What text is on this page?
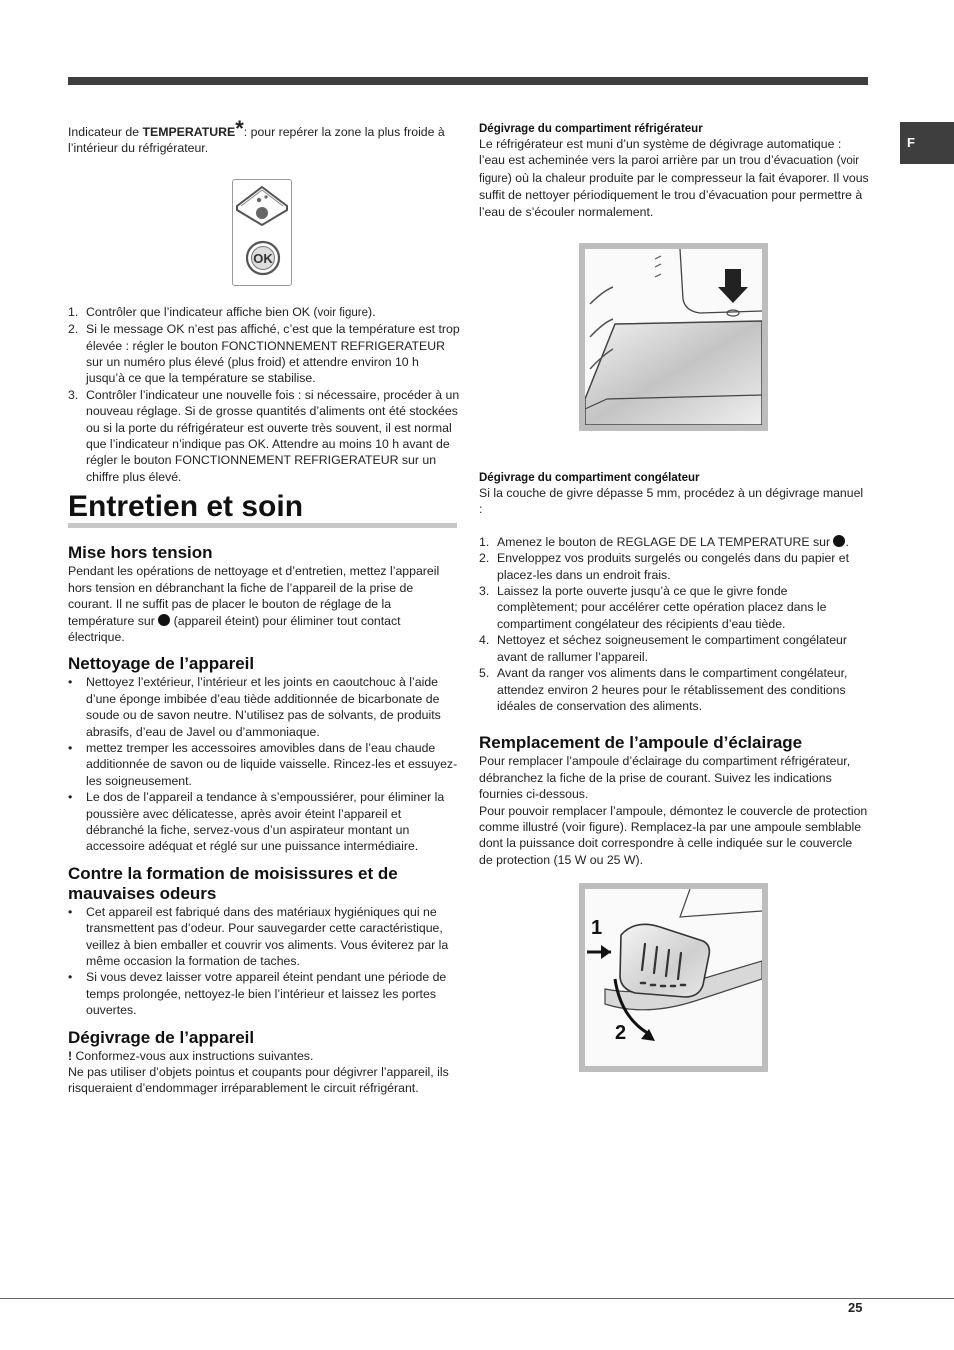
F

Indicateur de TEMPERATURE*: pour repérer la zone la plus froide à l’intérieur du réfrigérateur.

OK
1. Contrôler que l’indicateur affiche bien OK (voir figure).
2. Si le message OK n’est pas affiché, c’est que la température est trop élevée : régler le bouton FONCTIONNEMENT REFRIGERATEUR sur un numéro plus élevé (plus froid) et attendre environ 10 h jusqu’à ce que la température se stabilise.
3. Contrôler l’indicateur une nouvelle fois : si nécessaire, procéder à un nouveau réglage. Si de grosse quantités d’aliments ont été stockées ou si la porte du réfrigérateur est ouverte très souvent, il est normal que l’indicateur n’indique pas OK. Attendre au moins 10 h avant de régler le bouton FONCTIONNEMENT REFRIGERATEUR sur un chiffre plus élevé.
Entretien et soin
Mise hors tension

Pendant les opérations de nettoyage et d’entretien, mettez l’appareil hors tension en débranchant la fiche de l’appareil de la prise de courant. Il ne suffit pas de placer le bouton de réglage de la température sur  (appareil éteint) pour éliminer tout contact électrique.

Nettoyage de l’appareil
• Nettoyez l’extérieur, l’intérieur et les joints en caoutchouc à l’aide d’une éponge imbibée d’eau tiède additionnée de bicarbonate de soude ou de savon neutre. N’utilisez pas de solvants, de produits abrasifs, d’eau de Javel ou d’ammoniaque.
• mettez tremper les accessoires amovibles dans de l’eau chaude additionnée de savon ou de liquide vaisselle. Rincez-les et essuyez-les soigneusement.
• Le dos de l’appareil a tendance à s’empoussiérer, pour éliminer la poussière avec délicatesse, après avoir éteint l’appareil et débranché la fiche, servez-vous d’un aspirateur montant un accessoire adéquat et réglé sur une puissance intermédiaire.
Contre la formation de moisissures et de mauvaises odeurs
• Cet appareil est fabriqué dans des matériaux hygiéniques qui ne transmettent pas d’odeur. Pour sauvegarder cette caractéristique, veillez à bien emballer et couvrir vos aliments. Vous éviterez par la même occasion la formation de taches.
• Si vous devez laisser votre appareil éteint pendant une période de temps prolongée, nettoyez-le bien l’intérieur et laissez les portes ouvertes.
Dégivrage de l’appareil

! Conformez-vous aux instructions suivantes.

Ne pas utiliser d’objets pointus et coupants pour dégivrer l’appareil, ils risqueraient d’endommager irréparablement le circuit réfrigérant.

Dégivrage du compartiment réfrigérateur

Le réfrigérateur est muni d’un système de dégivrage automatique : l’eau est acheminée vers la paroi arrière par un trou d’évacuation (voir figure) où la chaleur produite par le compresseur la fait évaporer. Il vous suffit de nettoyer périodiquement le trou d’évacuation pour permettre à l’eau de s’écouler normalement.

Dégivrage du compartiment congélateur

Si la couche de givre dépasse 5 mm, procédez à un dégivrage manuel :

1. Amenez le bouton de REGLAGE DE LA TEMPERATURE sur .
2. Enveloppez vos produits surgelés ou congelés dans du papier et placez-les dans un endroit frais.
3. Laissez la porte ouverte jusqu’à ce que le givre fonde complètement; pour accélérer cette opération placez dans le compartiment congélateur des récipients d’eau tiède.
4. Nettoyez et séchez soigneusement le compartiment congélateur avant de rallumer l’appareil.
5. Avant da ranger vos aliments dans le compartiment congélateur, attendez environ 2 heures pour le rétablissement des conditions idéales de conservation des aliments.
Remplacement de l’ampoule d’éclairage

Pour remplacer l’ampoule d’éclairage du compartiment réfrigérateur, débranchez la fiche de la prise de courant. Suivez les indications fournies ci-dessous.

Pour pouvoir remplacer l’ampoule, démontez le couvercle de protection comme illustré (voir figure). Remplacez-la par une ampoule semblable dont la puissance doit correspondre à celle indiquée sur le couvercle de protection (15 W ou 25 W).

1
2
25
